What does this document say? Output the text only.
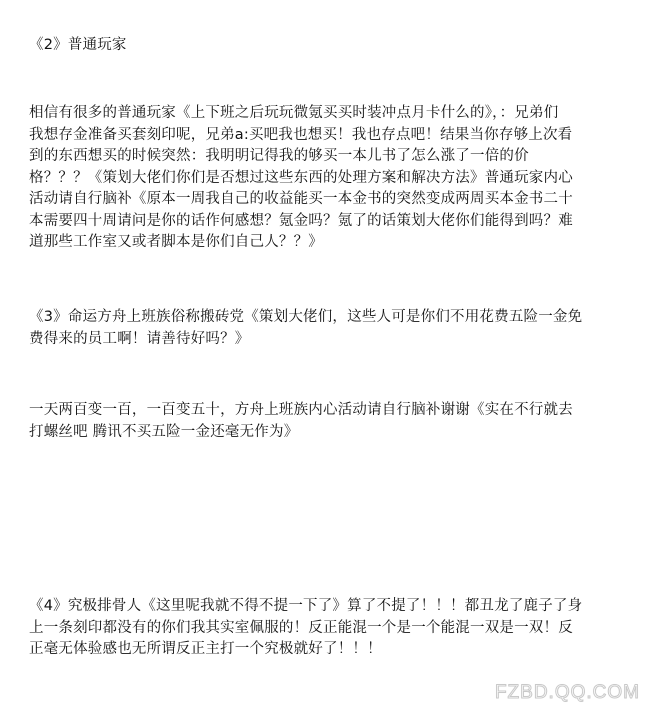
《2》普通玩家

相信有很多的普通玩家《上下班之后玩玩微氪买买时装冲点月卡什么的》，：兄弟们
我想存金准备买套刻印呢，兄弟a:买吧我也想买！我也存点吧！结果当你存够上次看
到的东西想买的时候突然：我明明记得我的够买一本儿书了怎么涨了一倍的价
格？？？《策划大佬们你们是否想过这些东西的处理方案和解决方法》普通玩家内心
活动请自行脑补《原本一周我自己的收益能买一本金书的突然变成两周买本金书二十
本需要四十周请问是你的话作何感想？氪金吗？氪了的话策划大佬你们能得到吗？难
道那些工作室又或者脚本是你们自己人？？》

《3》命运方舟上班族俗称搬砖党《策划大佬们，这些人可是你们不用花费五险一金免
费得来的员工啊！请善待好吗？》

一天两百变一百，一百变五十，方舟上班族内心活动请自行脑补谢谢《实在不行就去
打螺丝吧 腾讯不买五险一金还毫无作为》

《4》究极排骨人《这里呢我就不得不提一下了》算了不提了！！！都丑龙了鹿子了身
上一条刻印都没有的你们我其实室佩服的！反正能混一个是一个能混一双是一双！反
正毫无体验感也无所谓反正主打一个究极就好了！！！

FZBD.QQ.COM
